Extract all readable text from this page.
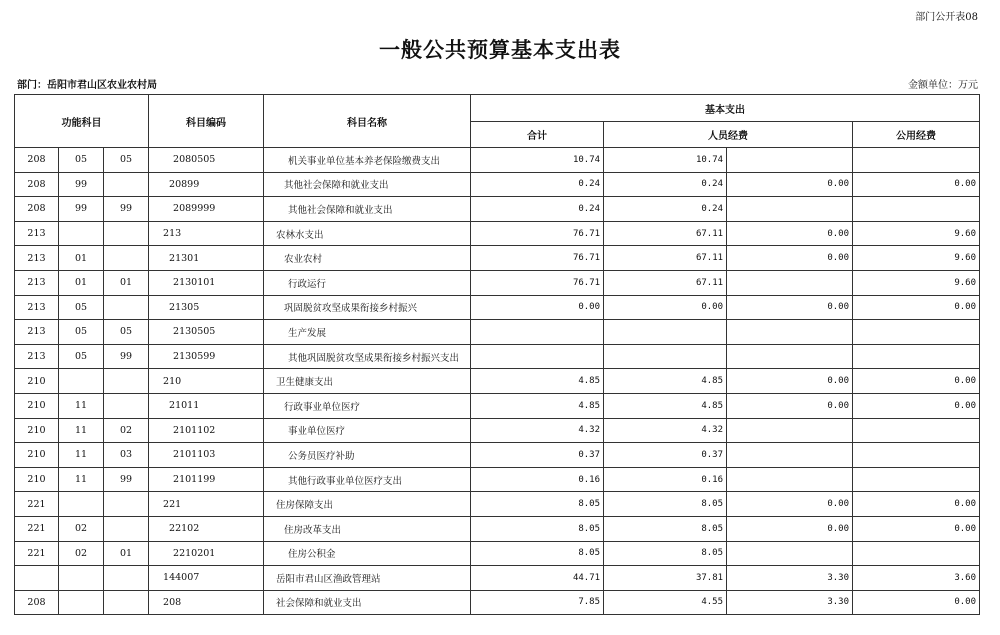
部门公开表08
一般公共预算基本支出表
部门：岳阳市君山区农业农村局	金额单位：万元
功能科目			科目编码	科目名称	基本支出			
					合计	人员经费		公用经费
208	05	05	2080505	机关事业单位基本养老保险缴费支出	10.74	10.74		
208	99		20899	其他社会保障和就业支出	0.24	0.24	0.00	0.00
208	99	99	2089999	其他社会保障和就业支出	0.24	0.24		
213			213	农林水支出	76.71	67.11	0.00	9.60
213	01		21301	农业农村	76.71	67.11	0.00	9.60
213	01	01	2130101	行政运行	76.71	67.11		9.60
213	05		21305	巩固脱贫攻坚成果衔接乡村振兴	0.00	0.00	0.00	0.00
213	05	05	2130505	生产发展				
213	05	99	2130599	其他巩固脱贫攻坚成果衔接乡村振兴支出				
210			210	卫生健康支出	4.85	4.85	0.00	0.00
210	11		21011	行政事业单位医疗	4.85	4.85	0.00	0.00
210	11	02	2101102	事业单位医疗	4.32	4.32		
210	11	03	2101103	公务员医疗补助	0.37	0.37		
210	11	99	2101199	其他行政事业单位医疗支出	0.16	0.16		
221			221	住房保障支出	8.05	8.05	0.00	0.00
221	02		22102	住房改革支出	8.05	8.05	0.00	0.00
221	02	01	2210201	住房公积金	8.05	8.05		
			144007	岳阳市君山区渔政管理站	44.71	37.81	3.30	3.60
208			208	社会保障和就业支出	7.85	4.55	3.30	0.00
